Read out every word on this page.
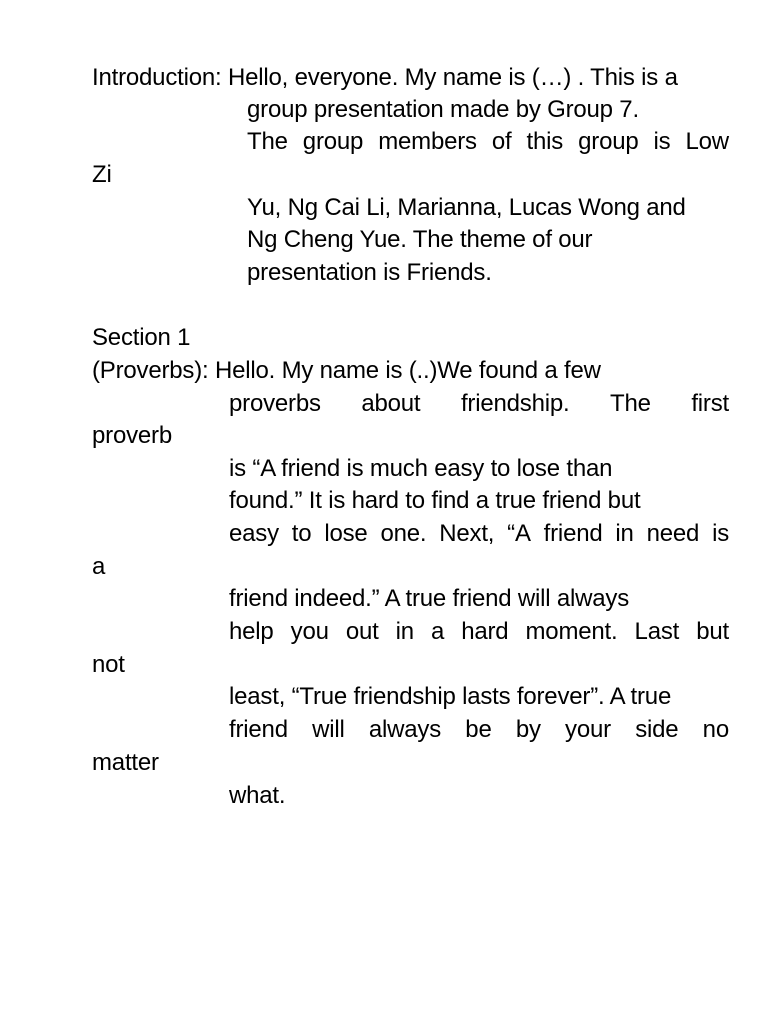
Introduction: Hello, everyone. My name is (…) . This is a
group presentation made by Group 7.
The group members of this group is Low
Zi
Yu, Ng Cai Li, Marianna, Lucas Wong and
Ng Cheng Yue. The theme of our
presentation is Friends.
Section 1
(Proverbs): Hello. My name is (..)We found a few
proverbs about friendship. The first
proverb
is “A friend is much easy to lose than
found.” It is hard to find a true friend but
easy to lose one. Next, “A friend in need is
a
friend indeed.” A true friend will always
help you out in a hard moment. Last but
not
least, “True friendship lasts forever”. A true
friend will always be by your side no
matter
what.
